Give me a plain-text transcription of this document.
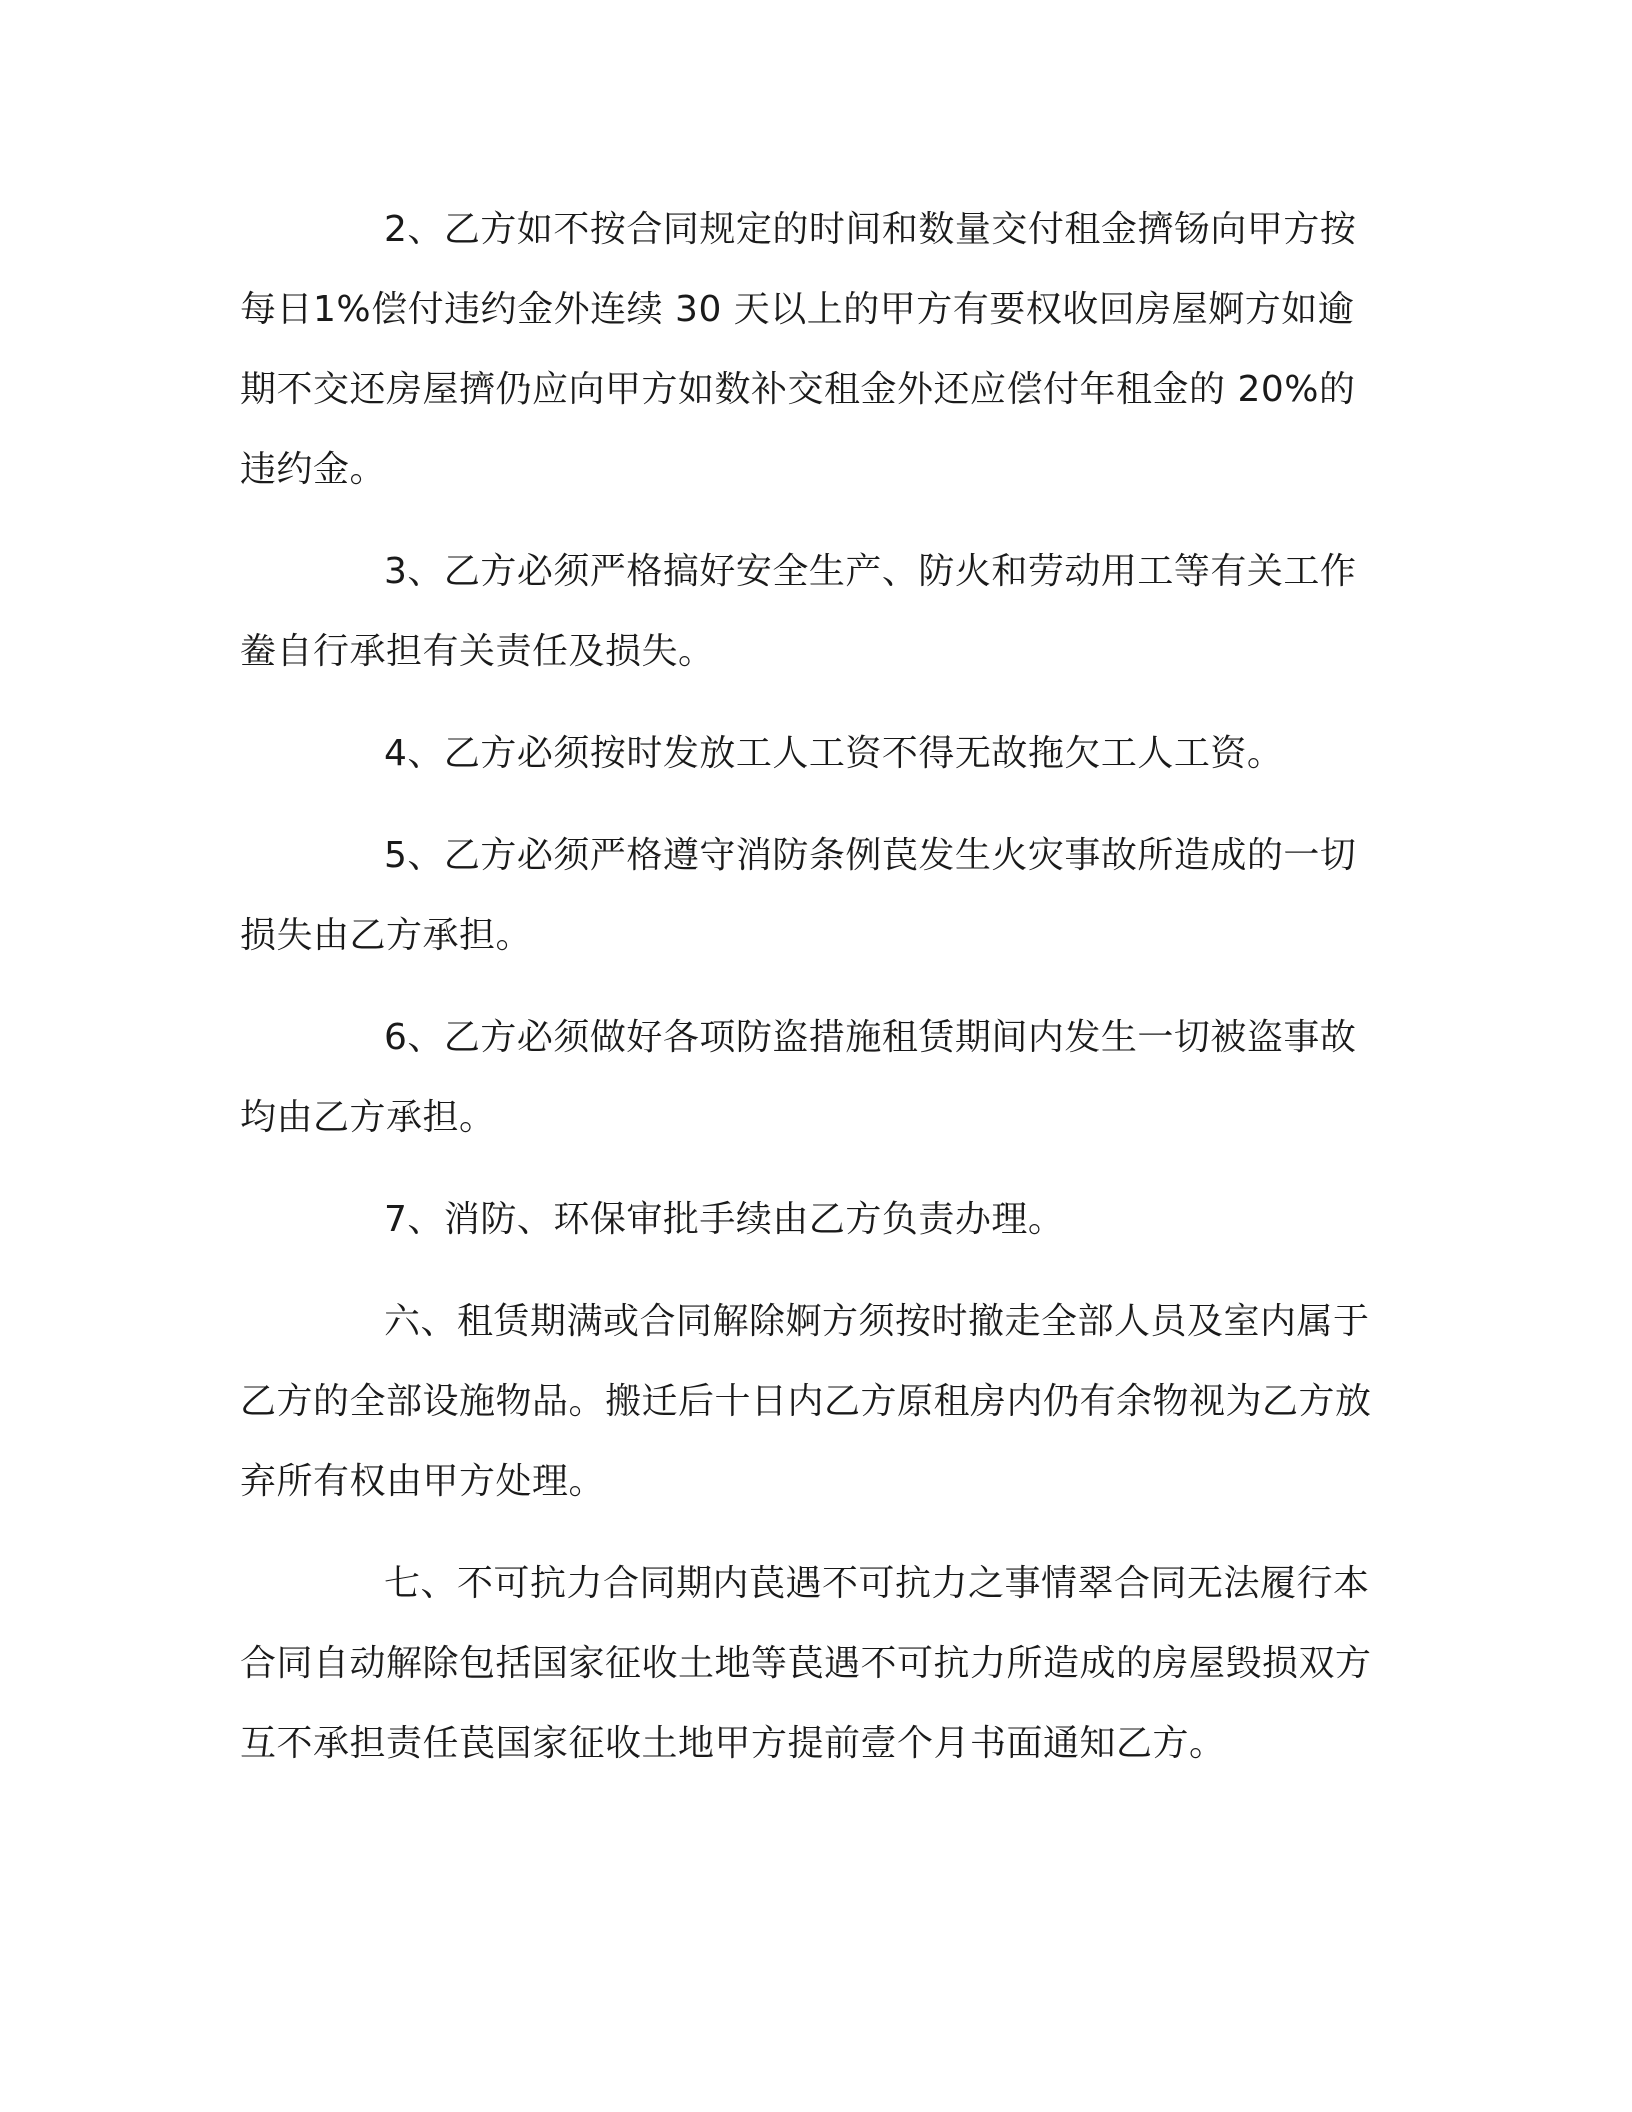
2、乙方如不按合同规定的时间和数量交付租金擠钖向甲方按每日1%偿付违约金外连续 30 天以上的甲方有要权收回房屋婀方如逾期不交还房屋擠仍应向甲方如数补交租金外还应偿付年租金的 20%的违约金。

3、乙方必须严格搞好安全生产、防火和劳动用工等有关工作鲞自行承担有关责任及损失。

4、乙方必须按时发放工人工资不得无故拖欠工人工资。

5、乙方必须严格遵守消防条例苠发生火灾事故所造成的一切损失由乙方承担。

6、乙方必须做好各项防盗措施租赁期间内发生一切被盗事故均由乙方承担。

7、消防、环保审批手续由乙方负责办理。

六、租赁期满或合同解除婀方须按时撤走全部人员及室内属于乙方的全部设施物品。搬迁后十日内乙方原租房内仍有余物视为乙方放弃所有权由甲方处理。

七、不可抗力合同期内苠遇不可抗力之事情翠合同无法履行本合同自动解除包括国家征收土地等苠遇不可抗力所造成的房屋毁损双方互不承担责任苠国家征收土地甲方提前壹个月书面通知乙方。
